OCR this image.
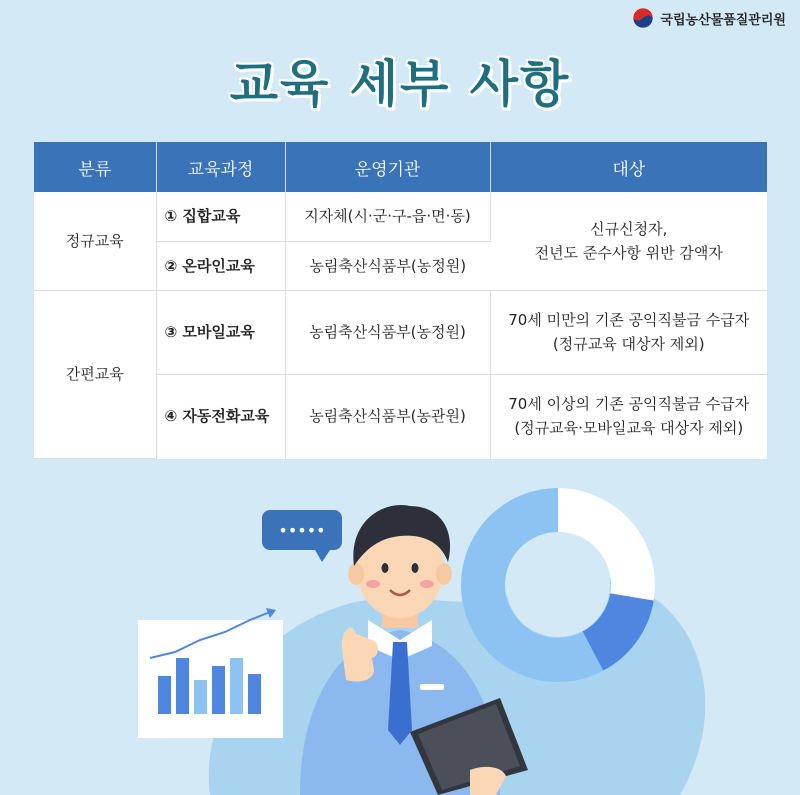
국립농산물품질관리원
교육 세부 사항
분류	교육과정	운영기관	대상
정규교육	① 집합교육	지자체(시·군·구-읍·면·동)	신규신청자,
전년도 준수사항 위반 감액자

	② 온라인교육	농림축산식품부(농정원)	
간편교육	③ 모바일교육	농림축산식품부(농정원)	70세 미만의 기존 공익직불금 수급자
(정규교육 대상자 제외)

	④ 자동전화교육	농림축산식품부(농관원)	70세 이상의 기존 공익직불금 수급자
(정규교육·모바일교육 대상자 제외)
•••••
